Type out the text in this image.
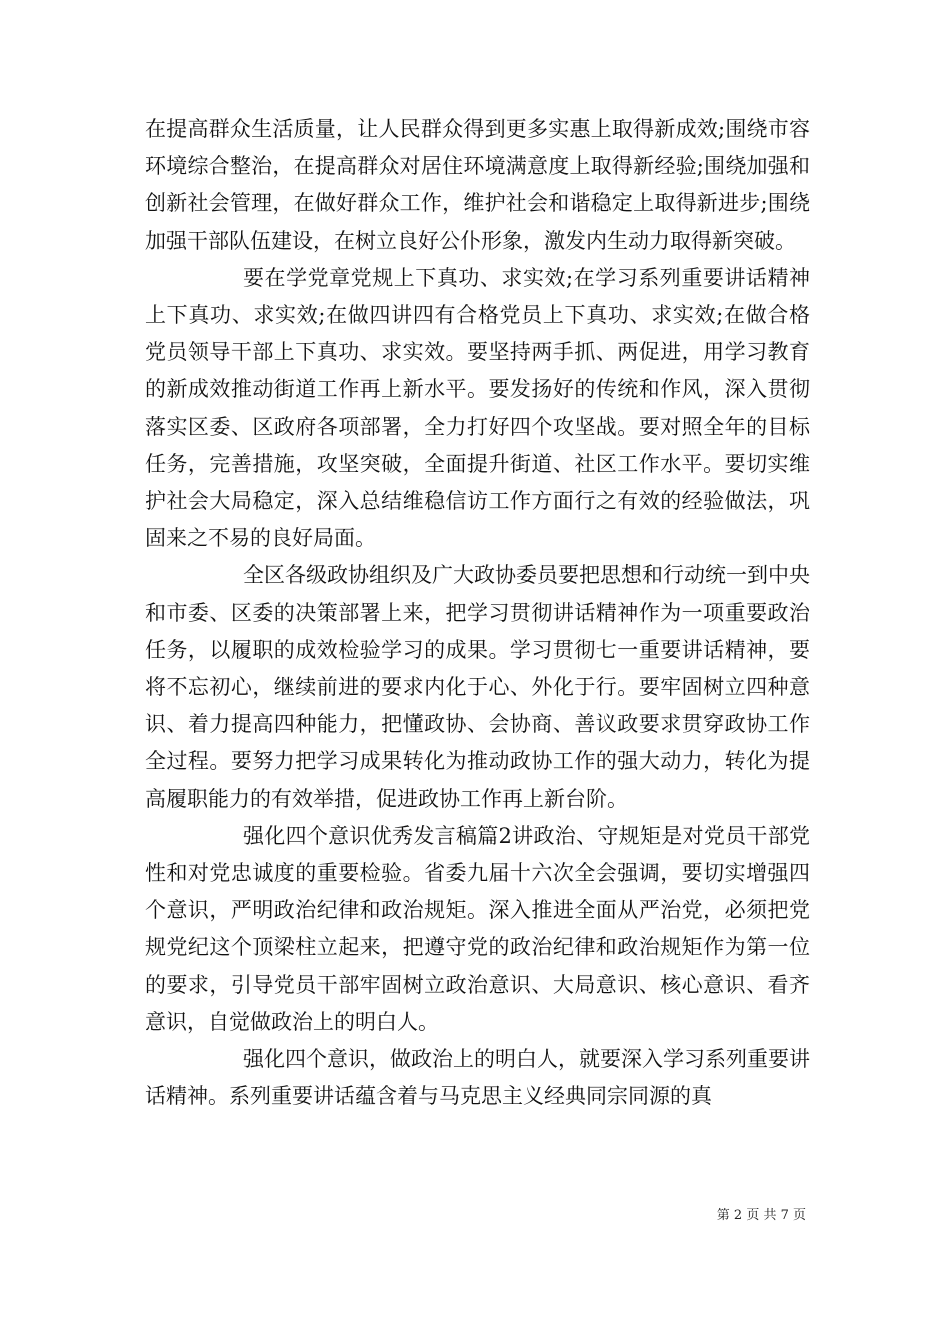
在提高群众生活质量，让人民群众得到更多实惠上取得新成效;围绕市容环境综合整治，在提高群众对居住环境满意度上取得新经验;围绕加强和创新社会管理，在做好群众工作，维护社会和谐稳定上取得新进步;围绕加强干部队伍建设，在树立良好公仆形象，激发内生动力取得新突破。

要在学党章党规上下真功、求实效;在学习系列重要讲话精神上下真功、求实效;在做四讲四有合格党员上下真功、求实效;在做合格党员领导干部上下真功、求实效。要坚持两手抓、两促进，用学习教育的新成效推动街道工作再上新水平。要发扬好的传统和作风，深入贯彻落实区委、区政府各项部署，全力打好四个攻坚战。要对照全年的目标任务，完善措施，攻坚突破，全面提升街道、社区工作水平。要切实维护社会大局稳定，深入总结维稳信访工作方面行之有效的经验做法，巩固来之不易的良好局面。

全区各级政协组织及广大政协委员要把思想和行动统一到中央和市委、区委的决策部署上来，把学习贯彻讲话精神作为一项重要政治任务，以履职的成效检验学习的成果。学习贯彻七一重要讲话精神，要将不忘初心，继续前进的要求内化于心、外化于行。要牢固树立四种意识、着力提高四种能力，把懂政协、会协商、善议政要求贯穿政协工作全过程。要努力把学习成果转化为推动政协工作的强大动力，转化为提高履职能力的有效举措，促进政协工作再上新台阶。

强化四个意识优秀发言稿篇2讲政治、守规矩是对党员干部党性和对党忠诚度的重要检验。省委九届十六次全会强调，要切实增强四个意识，严明政治纪律和政治规矩。深入推进全面从严治党，必须把党规党纪这个顶梁柱立起来，把遵守党的政治纪律和政治规矩作为第一位的要求，引导党员干部牢固树立政治意识、大局意识、核心意识、看齐意识，自觉做政治上的明白人。

强化四个意识，做政治上的明白人，就要深入学习系列重要讲话精神。系列重要讲话蕴含着与马克思主义经典同宗同源的真

第 2 页 共 7 页
